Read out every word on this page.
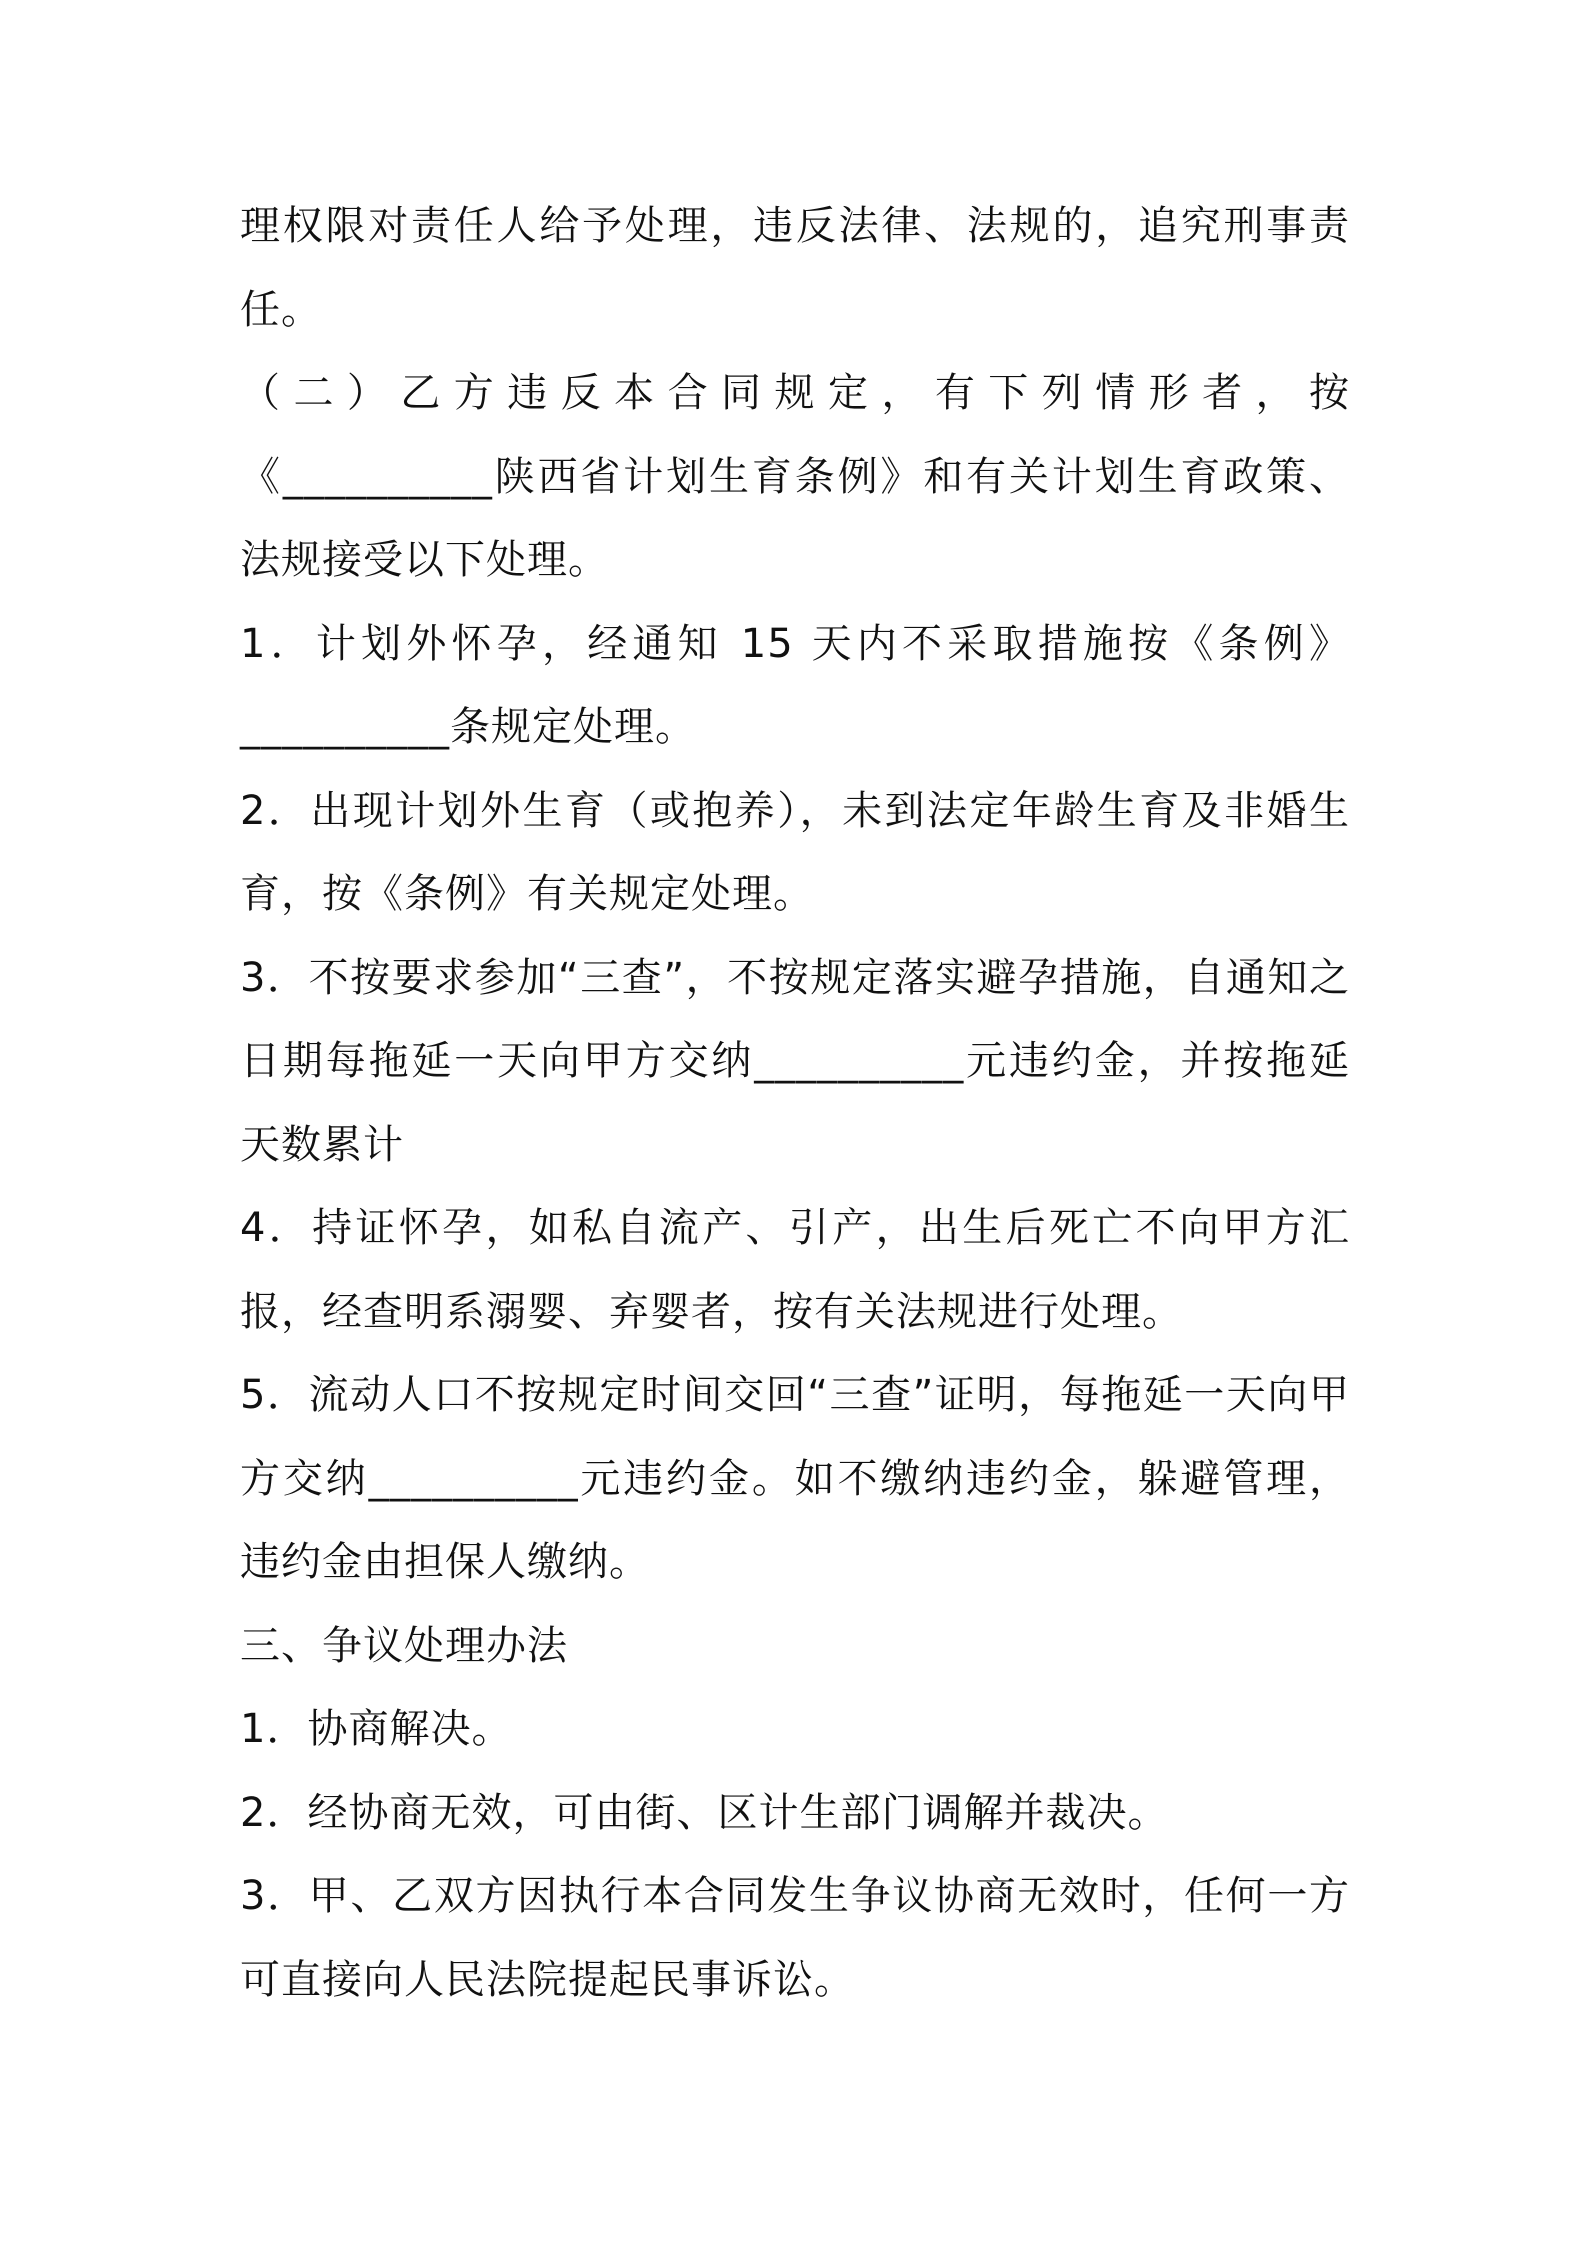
理权限对责任人给予处理，违反法律、法规的，追究刑事责任。

（二）乙方违反本合同规定，有下列情形者，按《__________陕西省计划生育条例》和有关计划生育政策、法规接受以下处理。

1．计划外怀孕，经通知 15 天内不采取措施按《条例》__________条规定处理。

2．出现计划外生育（或抱养），未到法定年龄生育及非婚生育，按《条例》有关规定处理。

3．不按要求参加“三查”，不按规定落实避孕措施，自通知之日期每拖延一天向甲方交纳__________元违约金，并按拖延天数累计

4．持证怀孕，如私自流产、引产，出生后死亡不向甲方汇报，经查明系溺婴、弃婴者，按有关法规进行处理。

5．流动人口不按规定时间交回“三查”证明，每拖延一天向甲方交纳__________元违约金。如不缴纳违约金，躲避管理，违约金由担保人缴纳。

三、争议处理办法

1．协商解决。

2．经协商无效，可由街、区计生部门调解并裁决。

3．甲、乙双方因执行本合同发生争议协商无效时，任何一方可直接向人民法院提起民事诉讼。
